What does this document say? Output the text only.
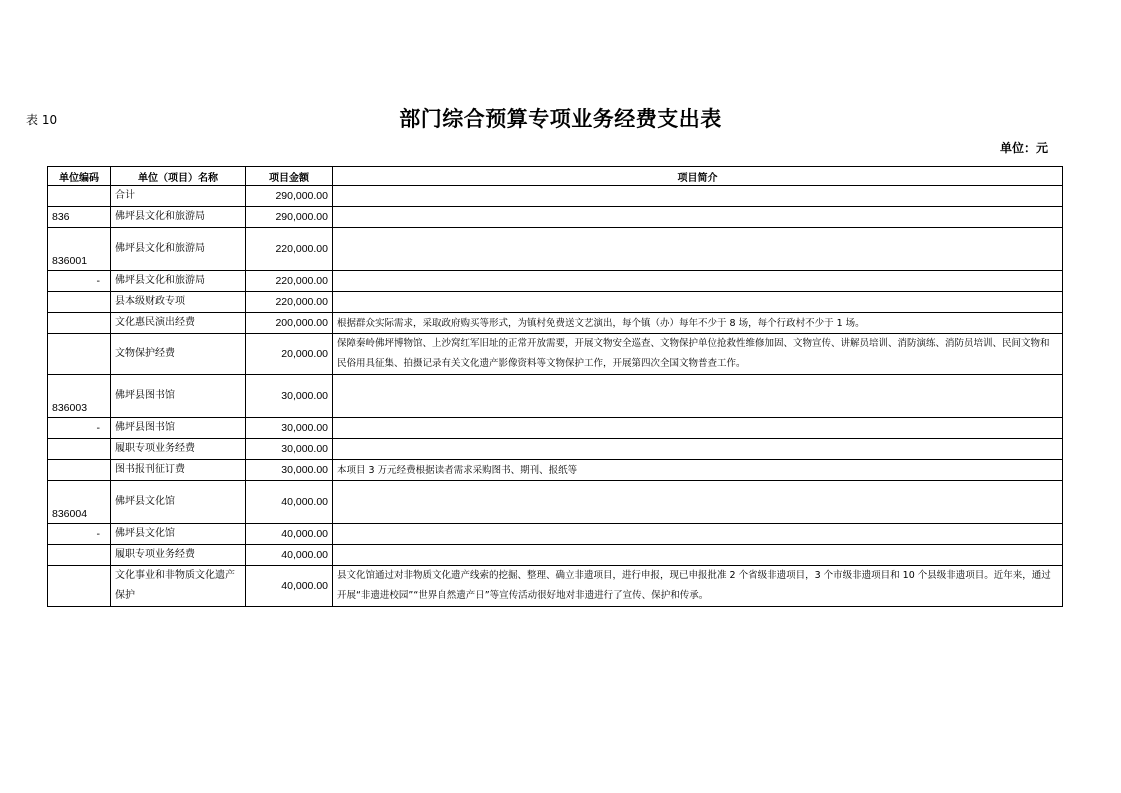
表 10	部门综合预算专项业务经费支出表
单位：元
单位编码	单位（项目）名称	项目金额	项目简介
	合计	290,000.00	
836	佛坪县文化和旅游局	290,000.00	
836001	佛坪县文化和旅游局	220,000.00	
-	佛坪县文化和旅游局	220,000.00	
	县本级财政专项	220,000.00	
	文化惠民演出经费	200,000.00	根据群众实际需求，采取政府购买等形式，为镇村免费送文艺演出，每个镇（办）每年不少于 8 场，每个行政村不少于 1 场。
	文物保护经费	20,000.00	保障秦岭佛坪博物馆、上沙窝红军旧址的正常开放需要，开展文物安全巡查、文物保护单位抢救性维修加固、文物宣传、讲解员培训、消防演练、消防员培训、民间文物和民俗用具征集、拍摄记录有关文化遗产影像资料等文物保护工作，开展第四次全国文物普查工作。
836003	佛坪县图书馆	30,000.00	
-	佛坪县图书馆	30,000.00	
	履职专项业务经费	30,000.00	
	图书报刊征订费	30,000.00	本项目 3 万元经费根据读者需求采购图书、期刊、报纸等
836004	佛坪县文化馆	40,000.00	
-	佛坪县文化馆	40,000.00	
	履职专项业务经费	40,000.00	
	文化事业和非物质文化遗产保护	40,000.00	县文化馆通过对非物质文化遗产线索的挖掘、整理、确立非遗项目，进行申报，现已申报批准 2 个省级非遗项目，3 个市级非遗项目和 10 个县级非遗项目。近年来，通过开展“非遗进校园”“世界自然遗产日”等宣传活动很好地对非遗进行了宣传、保护和传承。
